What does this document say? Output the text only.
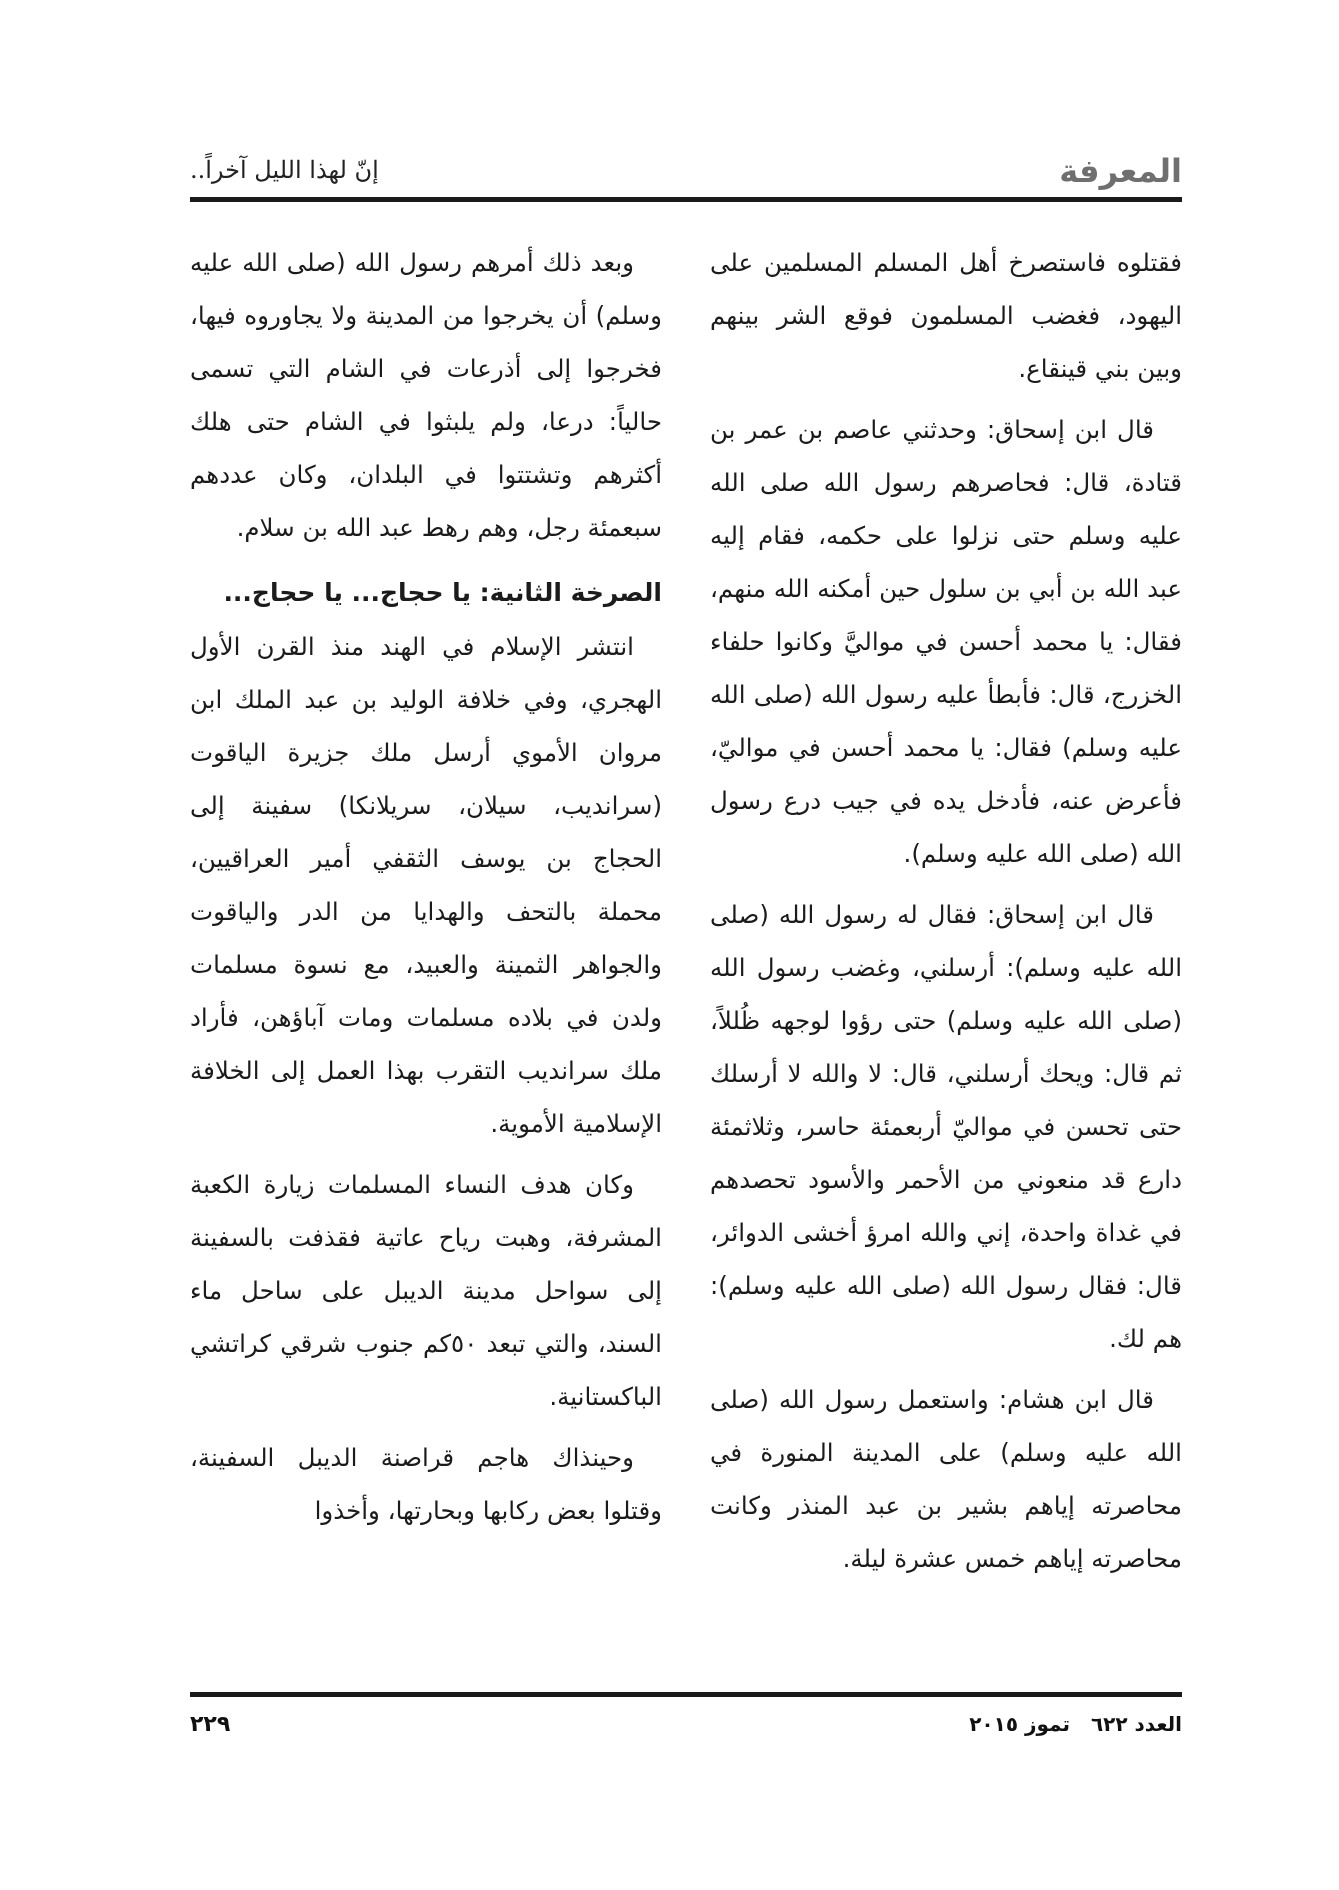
المعرفة
إنّ لهذا الليل آخراً..

فقتلوه فاستصرخ أهل المسلم المسلمين على اليهود، فغضب المسلمون فوقع الشر بينهم وبين بني قينقاع.

قال ابن إسحاق: وحدثني عاصم بن عمر بن قتادة، قال: فحاصرهم رسول الله صلى الله عليه وسلم حتى نزلوا على حكمه، فقام إليه عبد الله بن أبي بن سلول حين أمكنه الله منهم، فقال: يا محمد أحسن في مواليَّ وكانوا حلفاء الخزرج، قال: فأبطأ عليه رسول الله (صلى الله عليه وسلم) فقال: يا محمد أحسن في مواليّ، فأعرض عنه، فأدخل يده في جيب درع رسول الله (صلى الله عليه وسلم).

قال ابن إسحاق: فقال له رسول الله (صلى الله عليه وسلم): أرسلني، وغضب رسول الله (صلى الله عليه وسلم) حتى رؤوا لوجهه ظُللاً، ثم قال: ويحك أرسلني، قال: لا والله لا أرسلك حتى تحسن في مواليّ أربعمئة حاسر، وثلاثمئة دارع قد منعوني من الأحمر والأسود تحصدهم في غداة واحدة، إني والله امرؤ أخشى الدوائر، قال: فقال رسول الله (صلى الله عليه وسلم): هم لك.

قال ابن هشام: واستعمل رسول الله (صلى الله عليه وسلم) على المدينة المنورة في محاصرته إياهم بشير بن عبد المنذر وكانت محاصرته إياهم خمس عشرة ليلة.

وبعد ذلك أمرهم رسول الله (صلى الله عليه وسلم) أن يخرجوا من المدينة ولا يجاوروه فيها، فخرجوا إلى أذرعات في الشام التي تسمى حالياً: درعا، ولم يلبثوا في الشام حتى هلك أكثرهم وتشتتوا في البلدان، وكان عددهم سبعمئة رجل، وهم رهط عبد الله بن سلام.

الصرخة الثانية: يا حجاج... يا حجاج...

انتشر الإسلام في الهند منذ القرن الأول الهجري، وفي خلافة الوليد بن عبد الملك ابن مروان الأموي أرسل ملك جزيرة الياقوت (سرانديب، سيلان، سريلانكا) سفينة إلى الحجاج بن يوسف الثقفي أمير العراقيين، محملة بالتحف والهدايا من الدر والياقوت والجواهر الثمينة والعبيد، مع نسوة مسلمات ولدن في بلاده مسلمات ومات آباؤهن، فأراد ملك سرانديب التقرب بهذا العمل إلى الخلافة الإسلامية الأموية.

وكان هدف النساء المسلمات زيارة الكعبة المشرفة، وهبت رياح عاتية فقذفت بالسفينة إلى سواحل مدينة الديبل على ساحل ماء السند، والتي تبعد ٥٠كم جنوب شرقي كراتشي الباكستانية.

وحينذاك هاجم قراصنة الديبل السفينة، وقتلوا بعض ركابها وبحارتها، وأخذوا

العدد ٦٢٢ تموز ٢٠١٥
٢٢٩
